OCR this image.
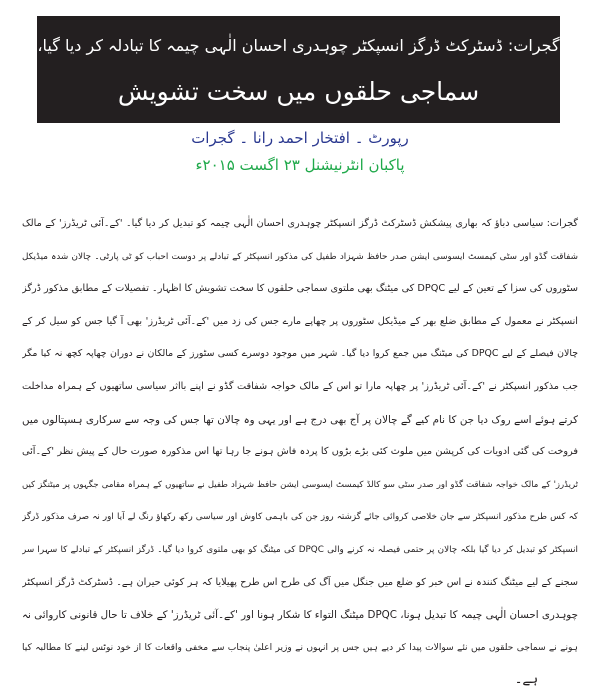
گجرات: ڈسٹرکٹ ڈرگز انسپکٹر چوہدری احسان الٰہی چیمہ کا تبادلہ کر دیا گیا،
سماجی حلقوں میں سخت تشویش
رپورٹ ۔ افتخار احمد رانا ۔ گجرات
پاکبان انٹرنیشنل ۲۳ اگست ۲۰۱۵ء
گجرات: سیاسی دباؤ کہ بھاری پیشکش ڈسٹرکٹ ڈرگز انسپکٹر چوہدری احسان الٰہی چیمہ کو تبدیل کر دیا گیا۔ 'کے۔آئی ٹریڈرز' کے مالک
شفاقت گڈو اور سٹی کیمسٹ ایسوسی ایشن صدر حافظ شہزاد طفیل کی مذکور انسپکٹر کے تبادلے پر دوست احباب کو ٹی پارٹی۔ چالان شدہ میڈیکل
سٹوروں کی سزا کے تعین کے لیے DPQC کی میٹنگ بھی ملتوی سماجی حلقوں کا سخت تشویش کا اظہار۔ تفصیلات کے مطابق مذکور ڈرگز
انسپکٹر نے معمول کے مطابق ضلع بھر کے میڈیکل سٹوروں پر چھاپے مارے جس کی زد میں 'کے۔آئی ٹریڈرز' بھی آ گیا جس کو سیل کر کے
چالان فیصلے کے لیے DPQC کی میٹنگ میں جمع کروا دیا گیا۔ شہر میں موجود دوسرے کسی سٹورز کے مالکان نے دوران چھاپہ کچھ نہ کیا مگر
جب مذکور انسپکٹر نے 'کے۔آئی ٹریڈرز' پر چھاپہ مارا تو اس کے مالک خواجہ شفاقت گڈو نے اپنے بااثر سیاسی ساتھیوں کے ہمراہ مداخلت
کرتے ہوئے اسے روک دیا جن کا نام کیے گے چالان پر آج بھی درج ہے اور یہی وہ چالان تھا جس کی وجہ سے سرکاری ہسپتالوں میں
فروخت کی گئی ادویات کی کرپشن میں ملوث کئی بڑے بڑوں کا پردہ فاش ہونے جا رہا تھا اس مذکورہ صورت حال کے پیش نظر 'کے۔آئی
ٹریڈرز' کے مالک خواجہ شفاقت گڈو اور صدر سٹی سو کالڈ کیمسٹ ایسوسی ایشن حافظ شہزاد طفیل نے ساتھیوں کے ہمراہ مقامی جگہوں پر میٹنگز کیں
کہ کس طرح مذکور انسپکٹر سے جان خلاصی کروائی جائے گزشتہ روز جن کی باہمی کاوش اور سیاسی رکھ رکھاؤ رنگ لے آیا اور نہ صرف مذکور ڈرگز
انسپکٹر کو تبدیل کر دیا گیا بلکہ چالان پر حتمی فیصلہ نہ کرنے والی DPQC کی میٹنگ کو بھی ملتوی کروا دیا گیا۔ ڈرگز انسپکٹر کے تبادلے کا سہرا سر
سجنے کے لیے میٹنگ کنندہ نے اس خبر کو ضلع میں جنگل میں آگ کی طرح اس طرح پھیلایا کہ ہر کوئی حیران ہے۔ ڈسٹرکٹ ڈرگز انسپکٹر
چوہدری احسان الٰہی چیمہ کا تبدیل ہونا، DPQC میٹنگ التواء کا شکار ہونا اور 'کے۔آئی ٹریڈرز' کے خلاف تا حال قانونی کاروائی نہ
ہونے نے سماجی حلقوں میں نئے سوالات پیدا کر دیے ہیں جس پر انہوں نے وزیر اعلیٰ پنجاب سے مخفی واقعات کا از خود نوٹس لینے کا مطالبہ کیا
ہے۔
